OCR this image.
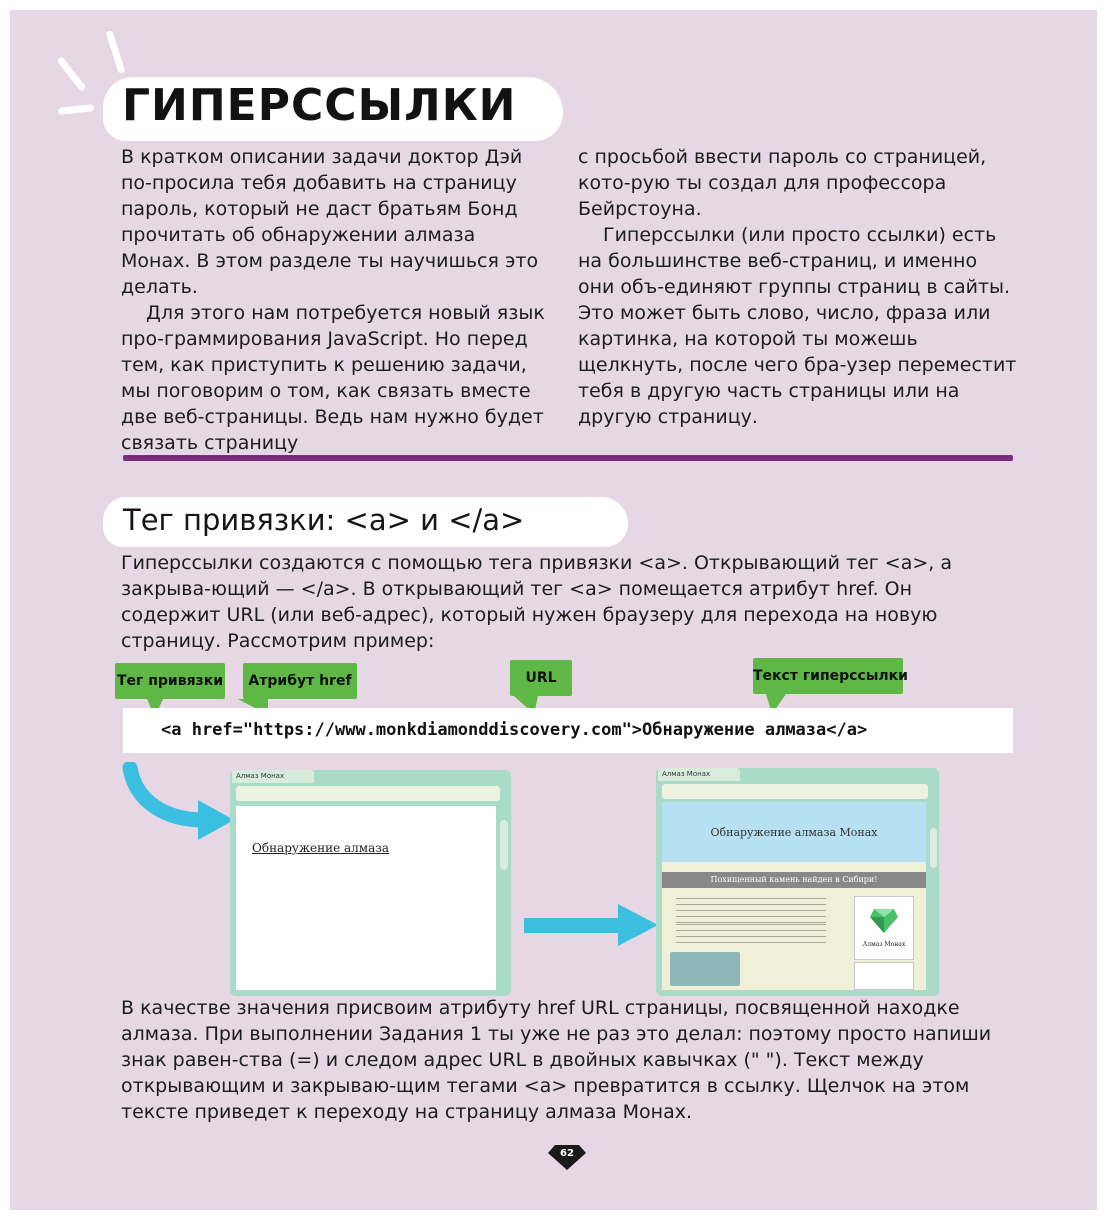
ГИПЕРССЫЛКИ

В кратком описании задачи доктор Дэй по-просила тебя добавить на страницу пароль, который не даст братьям Бонд прочитать об обнаружении алмаза Монах. В этом разделе ты научишься это делать.

Для этого нам потребуется новый язык про-граммирования JavaScript. Но перед тем, как приступить к решению задачи, мы поговорим о том, как связать вместе две веб-страницы. Ведь нам нужно будет связать страницу

с просьбой ввести пароль со страницей, кото-рую ты создал для профессора Бейрстоуна.

Гиперссылки (или просто ссылки) есть на большинстве веб-страниц, и именно они объ-единяют группы страниц в сайты. Это может быть слово, число, фраза или картинка, на которой ты можешь щелкнуть, после чего бра-узер переместит тебя в другую часть страницы или на другую страницу.

Тег привязки: <a> и </a>

Гиперссылки создаются с помощью тега привязки <a>. Открывающий тег <a>, а закрыва-ющий — </a>. В открывающий тег <a> помещается атрибут href. Он содержит URL (или веб-адрес), который нужен браузеру для перехода на новую страницу. Рассмотрим пример:

Тег привязки	Атрибут href	URL	Текст гиперссылки
<a href="https://www.monkdiamonddiscovery.com">Обнаружение алмаза</a>
Алмаз Монах
Обнаружение алмаза
Алмаз Монах
Обнаружение алмаза Монах
Похищенный камень найден в Сибири!
Алмаз Монах

В качестве значения присвоим атрибуту href URL страницы, посвященной находке алмаза. При выполнении Задания 1 ты уже не раз это делал: поэтому просто напиши знак равен-ства (=) и следом адрес URL в двойных кавычках (" "). Текст между открывающим и закрываю-щим тегами <a> превратится в ссылку. Щелчок на этом тексте приведет к переходу на страницу алмаза Монах.

62
